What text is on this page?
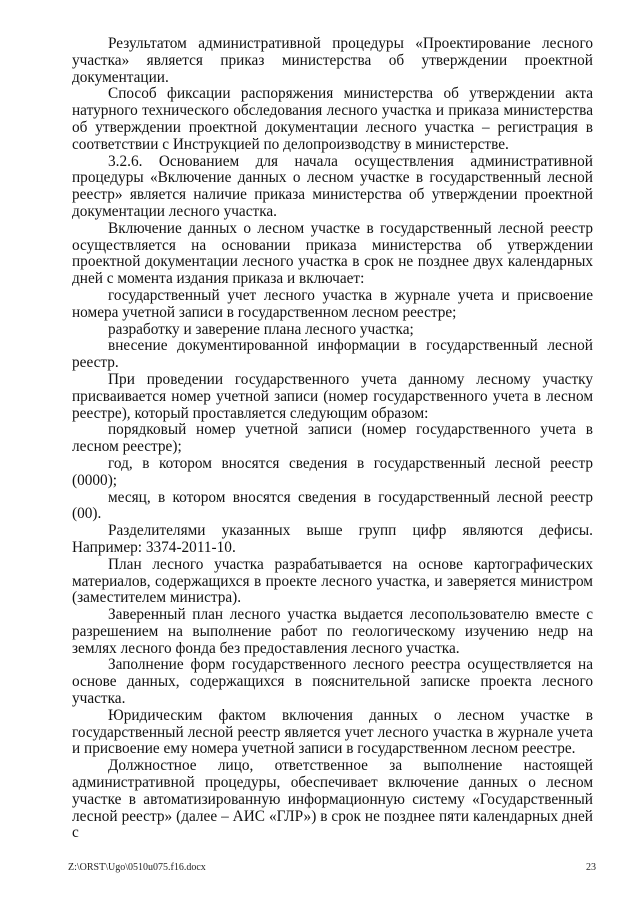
Результатом административной процедуры «Проектирование лесного участка» является приказ министерства об утверждении проектной документации.

Способ фиксации распоряжения министерства об утверждении акта натурного технического обследования лесного участка и приказа министерства об утверждении проектной документации лесного участка – регистрация в соответствии с Инструкцией по делопроизводству в министерстве.

3.2.6. Основанием для начала осуществления административной процедуры «Включение данных о лесном участке в государственный лесной реестр» является наличие приказа министерства об утверждении проектной документации лесного участка.

Включение данных о лесном участке в государственный лесной реестр осуществляется на основании приказа министерства об утверждении проектной документации лесного участка в срок не позднее двух календарных дней с момента издания приказа и включает:

государственный учет лесного участка в журнале учета и присвоение номера учетной записи в государственном лесном реестре;

разработку и заверение плана лесного участка;

внесение документированной информации в государственный лесной реестр.

При проведении государственного учета данному лесному участку присваивается номер учетной записи (номер государственного учета в лесном реестре), который проставляется следующим образом:

порядковый номер учетной записи (номер государственного учета в лесном реестре);

год, в котором вносятся сведения в государственный лесной реестр (0000);

месяц, в котором вносятся сведения в государственный лесной реестр (00).

Разделителями указанных выше групп цифр являются дефисы. Например: 3374-2011-10.

План лесного участка разрабатывается на основе картографических материалов, содержащихся в проекте лесного участка, и заверяется министром (заместителем министра).

Заверенный план лесного участка выдается лесопользователю вместе с разрешением на выполнение работ по геологическому изучению недр на землях лесного фонда без предоставления лесного участка.

Заполнение форм государственного лесного реестра осуществляется на основе данных, содержащихся в пояснительной записке проекта лесного участка.

Юридическим фактом включения данных о лесном участке в государственный лесной реестр является учет лесного участка в журнале учета и присвоение ему номера учетной записи в государственном лесном реестре.

Должностное лицо, ответственное за выполнение настоящей административной процедуры, обеспечивает включение данных о лесном участке в автоматизированную информационную систему «Государственный лесной реестр» (далее – АИС «ГЛР») в срок не позднее пяти календарных дней с

Z:\ORST\Ugo\0510u075.f16.docx	23
